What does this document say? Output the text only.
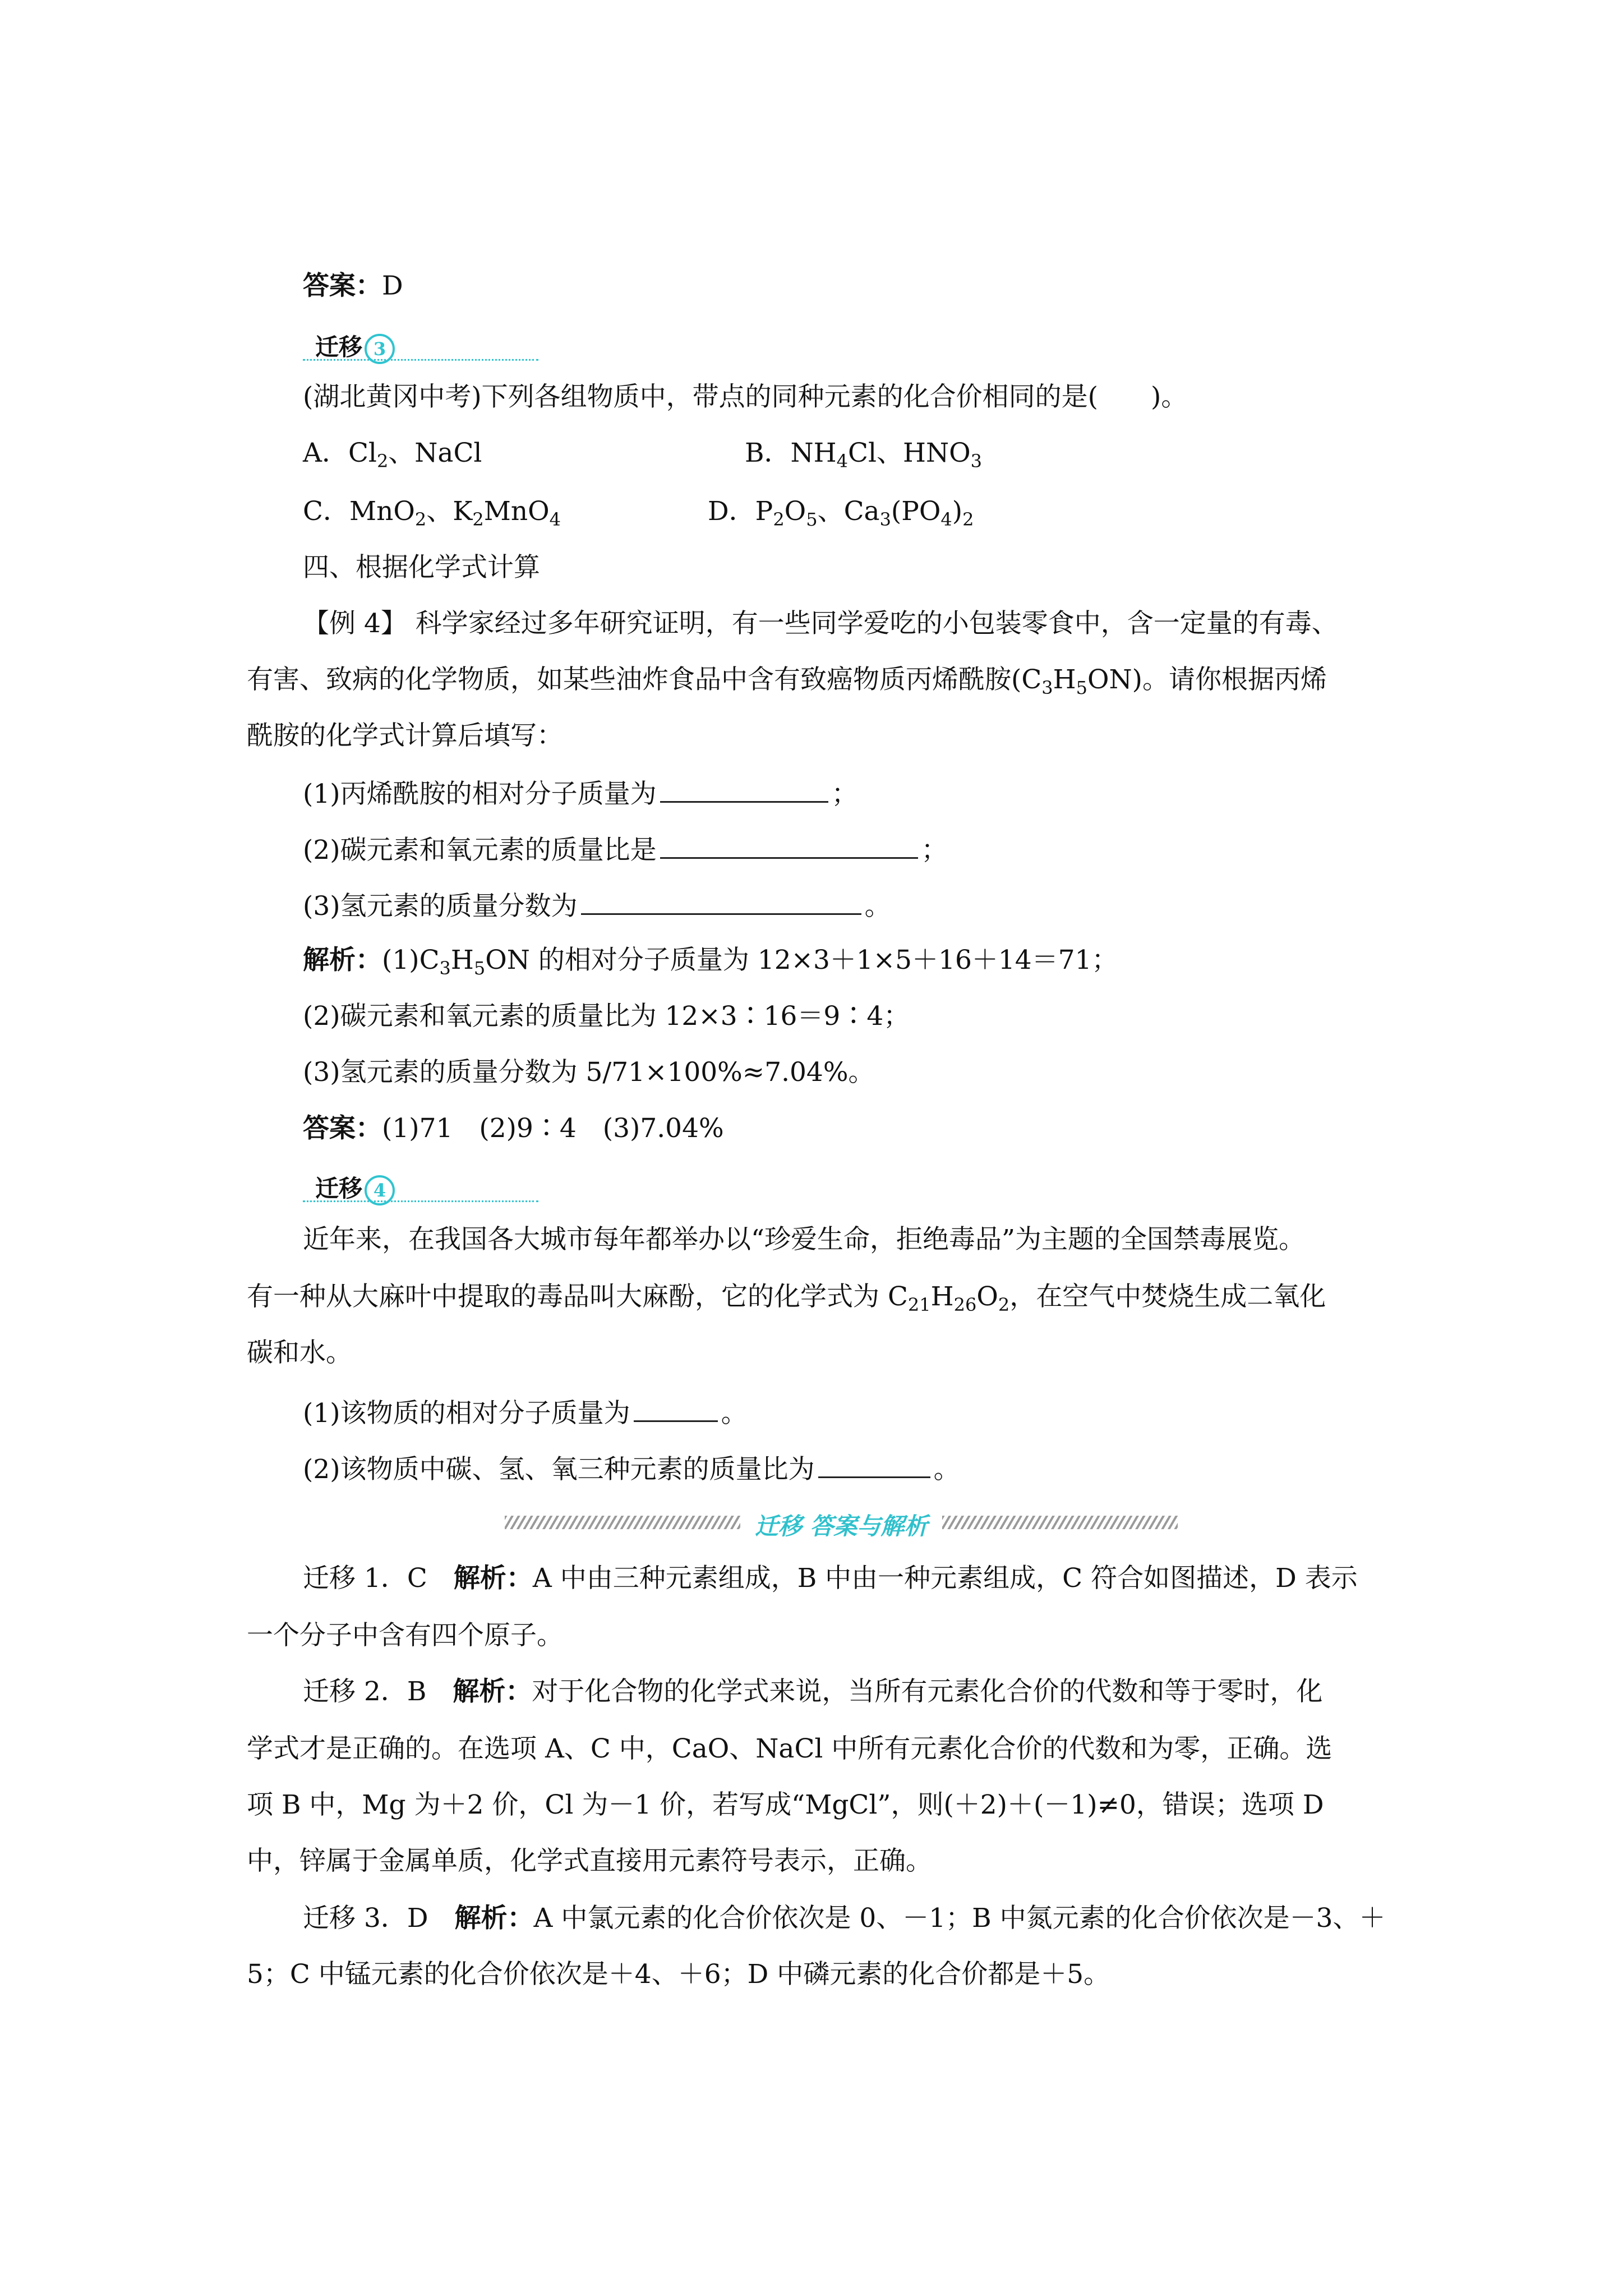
答案：D
迁移 3
(湖北黄冈中考)下列各组物质中，带点的同种元素的化合价相同的是(　　)。
A．$Cl_2$、NaCl	B．$NH_4Cl$、$HNO_3$
C．MnO$_2$、$K_2MnO_4$	D．$P_2O_5$、$Ca_3(PO_4)_2$
四、根据化学式计算
【例 4】 科学家经过多年研究证明，有一些同学爱吃的小包装零食中，含一定量的有毒、
有害、致病的化学物质，如某些油炸食品中含有致癌物质丙烯酰胺$(C_3H_5ON)$。请你根据丙烯
酰胺的化学式计算后填写：
(1)丙烯酰胺的相对分子质量为	；
(2)碳元素和氧元素的质量比是	；
(3)氢元素的质量分数为	。
解析：$(1)C_3H_5ON$ 的相对分子质量为 12×3＋1×5＋16＋14＝71；
(2)碳元素和氧元素的质量比为 12×3∶16＝9∶4；
(3)氢元素的质量分数为 5/71×100%≈7.04%。
答案：(1)71　(2)9∶4　(3)7.04%
迁移 4
近年来，在我国各大城市每年都举办以“珍爱生命，拒绝毒品”为主题的全国禁毒展览。
有一种从大麻叶中提取的毒品叫大麻酚，它的化学式为 $C_{21}H_{26}O_2$，在空气中焚烧生成二氧化
碳和水。
(1)该物质的相对分子质量为	。
(2)该物质中碳、氢、氧三种元素的质量比为	。
迁移 答案与解析
迁移 1．C　解析：A 中由三种元素组成，B 中由一种元素组成，C 符合如图描述，D 表示
一个分子中含有四个原子。
迁移 2．B　解析：对于化合物的化学式来说，当所有元素化合价的代数和等于零时，化
学式才是正确的。在选项 A、C 中，CaO、NaCl 中所有元素化合价的代数和为零，正确。选
项 B 中，Mg 为＋2 价，Cl 为－1 价，若写成“MgCl”，则(＋2)＋(－1)≠0，错误；选项 D
中，锌属于金属单质，化学式直接用元素符号表示，正确。
迁移 3．D　解析：A 中氯元素的化合价依次是 0、－1；B 中氮元素的化合价依次是－3、＋
5；C 中锰元素的化合价依次是＋4、＋6；D 中磷元素的化合价都是＋5。
